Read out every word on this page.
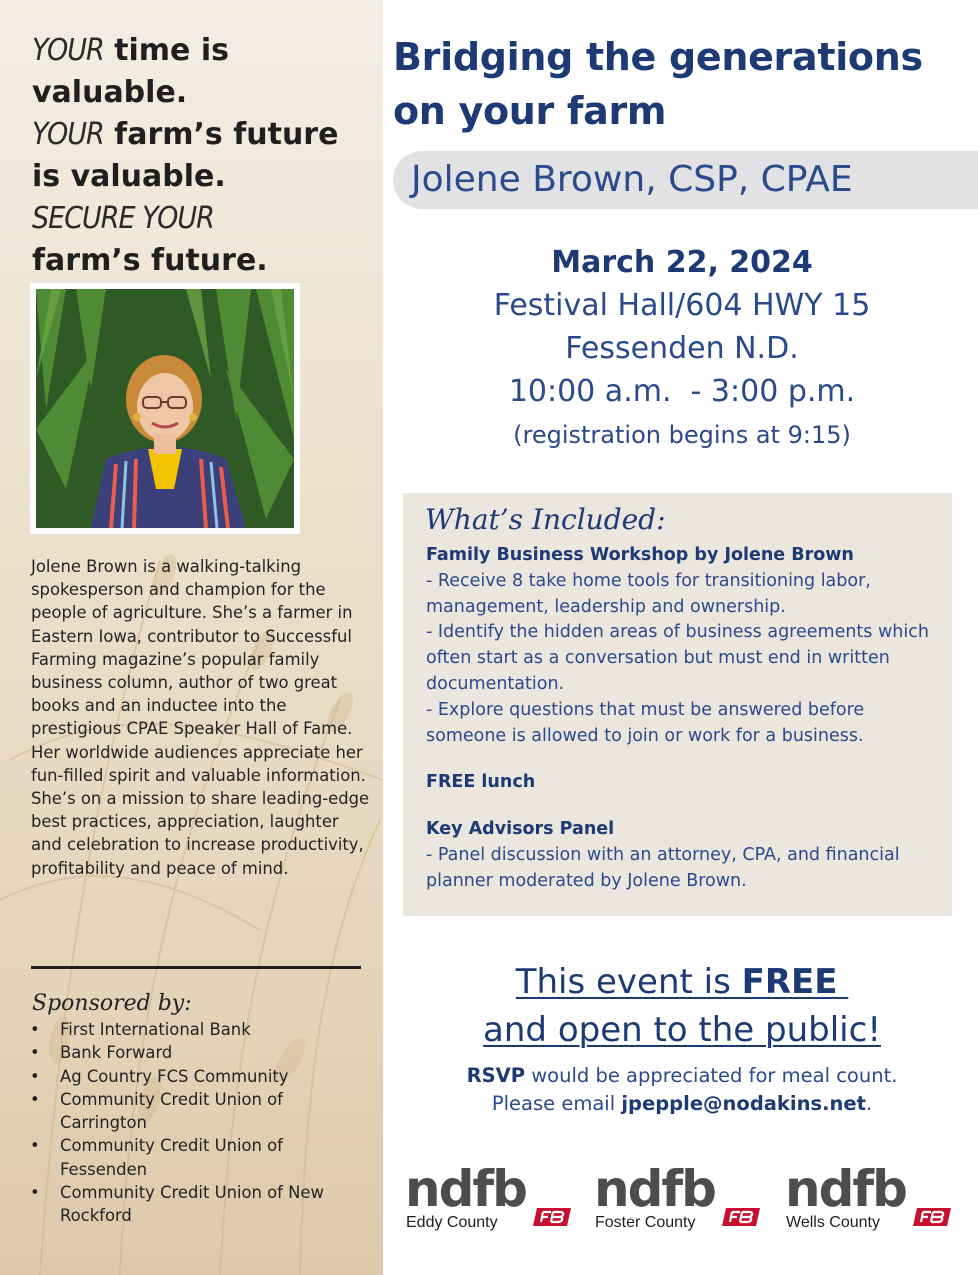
YOUR time is valuable.
YOUR farm’s future is valuable.
SECURE YOUR
farm’s future.
Jolene Brown is a walking-talking spokesperson and champion for the people of agriculture. She’s a farmer in Eastern Iowa, contributor to Successful Farming magazine’s popular family business column, author of two great books and an inductee into the prestigious CPAE Speaker Hall of Fame. Her worldwide audiences appreciate her fun-filled spirit and valuable information. She’s on a mission to share leading-edge best practices, appreciation, laughter and celebration to increase productivity, profitability and peace of mind.
Sponsored by:
• First International Bank
• Bank Forward
• Ag Country FCS Community
• Community Credit Union of Carrington
• Community Credit Union of Fessenden
• Community Credit Union of New Rockford
Bridging the generations
on your farm
Jolene Brown, CSP, CPAE
March 22, 2024
Festival Hall/604 HWY 15
Fessenden N.D.
10:00 a.m.  - 3:00 p.m.
(registration begins at 9:15)
What’s Included:
Family Business Workshop by Jolene Brown
- Receive 8 take home tools for transitioning labor, management, leadership and ownership.
- Identify the hidden areas of business agreements which often start as a conversation but must end in written documentation.
- Explore questions that must be answered before someone is allowed to join or work for a business.
FREE lunch
Key Advisors Panel
- Panel discussion with an attorney, CPA, and financial planner moderated by Jolene Brown.
This event is FREE
and open to the public!
RSVP would be appreciated for meal count.
Please email jpepple@nodakins.net.
ndfb
Eddy County
ndfb
Foster County
ndfb
Wells County
